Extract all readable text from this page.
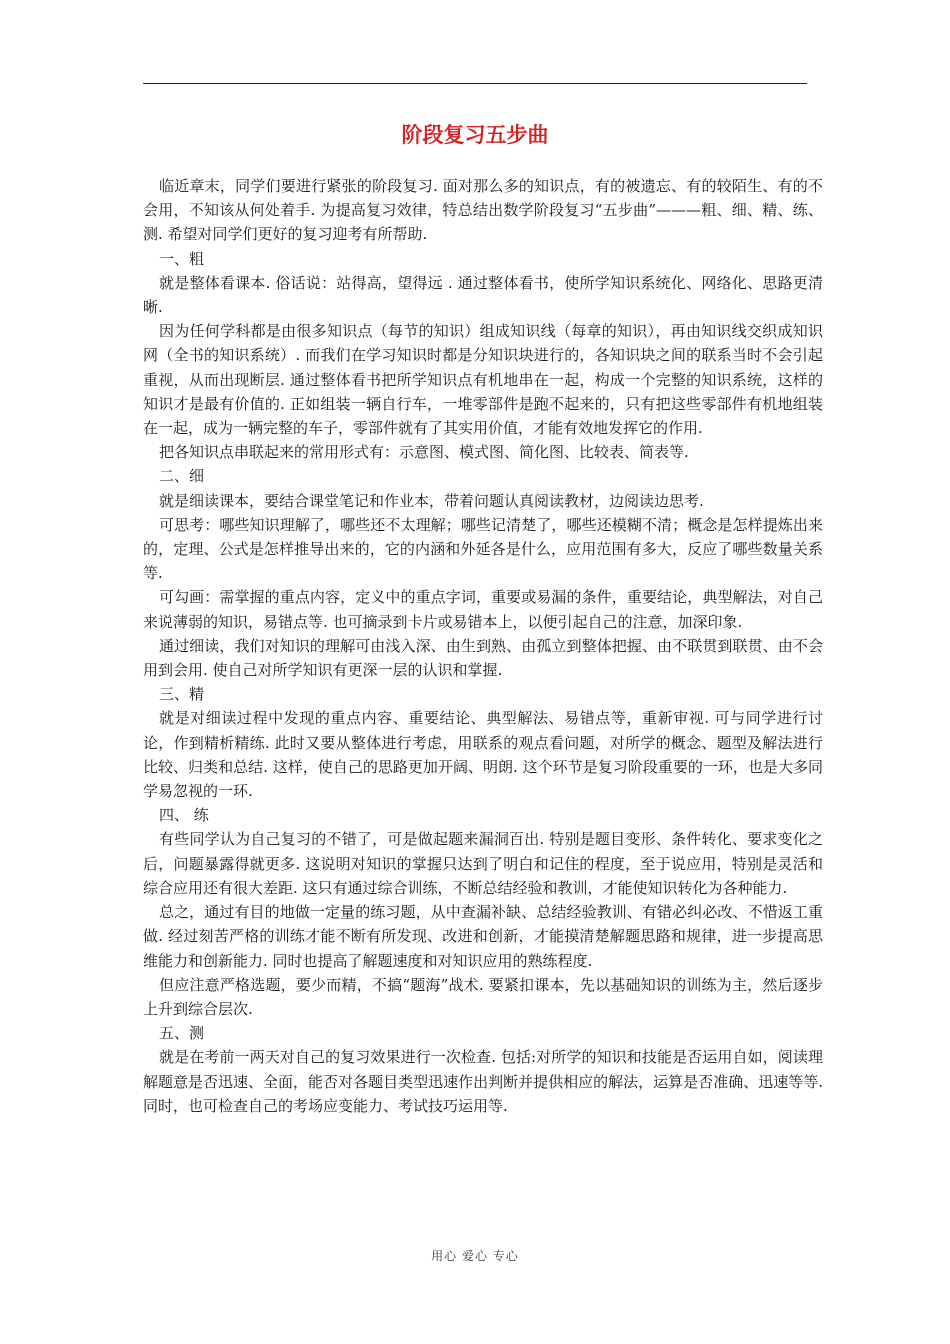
阶段复习五步曲

临近章末，同学们要进行紧张的阶段复习. 面对那么多的知识点，有的被遗忘、有的较陌生、有的不会用，不知该从何处着手. 为提高复习效律，特总结出数学阶段复习“五步曲”———粗、细、精、练、测. 希望对同学们更好的复习迎考有所帮助.

一、粗

就是整体看课本. 俗话说：站得高，望得远 . 通过整体看书，使所学知识系统化、网络化、思路更清晰.

因为任何学科都是由很多知识点（每节的知识）组成知识线（每章的知识），再由知识线交织成知识网（全书的知识系统）. 而我们在学习知识时都是分知识块进行的，各知识块之间的联系当时不会引起重视，从而出现断层. 通过整体看书把所学知识点有机地串在一起，构成一个完整的知识系统，这样的知识才是最有价值的. 正如组装一辆自行车，一堆零部件是跑不起来的，只有把这些零部件有机地组装在一起，成为一辆完整的车子，零部件就有了其实用价值，才能有效地发挥它的作用.

把各知识点串联起来的常用形式有：示意图、模式图、简化图、比较表、简表等.

二、细

就是细读课本，要结合课堂笔记和作业本，带着问题认真阅读教材，边阅读边思考.

可思考：哪些知识理解了，哪些还不太理解；哪些记清楚了，哪些还模糊不清；概念是怎样提炼出来的，定理、公式是怎样推导出来的，它的内涵和外延各是什么，应用范围有多大，反应了哪些数量关系等.

可勾画：需掌握的重点内容，定义中的重点字词，重要或易漏的条件，重要结论，典型解法，对自己来说薄弱的知识，易错点等. 也可摘录到卡片或易错本上，以便引起自己的注意，加深印象.

通过细读，我们对知识的理解可由浅入深、由生到熟、由孤立到整体把握、由不联贯到联贯、由不会用到会用. 使自己对所学知识有更深一层的认识和掌握.

三、精

就是对细读过程中发现的重点内容、重要结论、典型解法、易错点等，重新审视. 可与同学进行讨论，作到精析精练. 此时又要从整体进行考虑，用联系的观点看问题，对所学的概念、题型及解法进行比较、归类和总结. 这样，使自己的思路更加开阔、明朗. 这个环节是复习阶段重要的一环，也是大多同学易忽视的一环.

四、 练

有些同学认为自己复习的不错了，可是做起题来漏洞百出. 特别是题目变形、条件转化、要求变化之后，问题暴露得就更多. 这说明对知识的掌握只达到了明白和记住的程度，至于说应用，特别是灵活和综合应用还有很大差距. 这只有通过综合训练，不断总结经验和教训，才能使知识转化为各种能力.

总之，通过有目的地做一定量的练习题，从中查漏补缺、总结经验教训、有错必纠必改、不惜返工重做. 经过刻苦严格的训练才能不断有所发现、改进和创新，才能摸清楚解题思路和规律，进一步提高思维能力和创新能力. 同时也提高了解题速度和对知识应用的熟练程度.

但应注意严格选题，要少而精，不搞“题海”战术. 要紧扣课本，先以基础知识的训练为主，然后逐步上升到综合层次.

五、测

就是在考前一两天对自己的复习效果进行一次检查. 包括:对所学的知识和技能是否运用自如，阅读理解题意是否迅速、全面，能否对各题目类型迅速作出判断并提供相应的解法，运算是否准确、迅速等等. 同时，也可检查自己的考场应变能力、考试技巧运用等.

用心 爱心 专心
